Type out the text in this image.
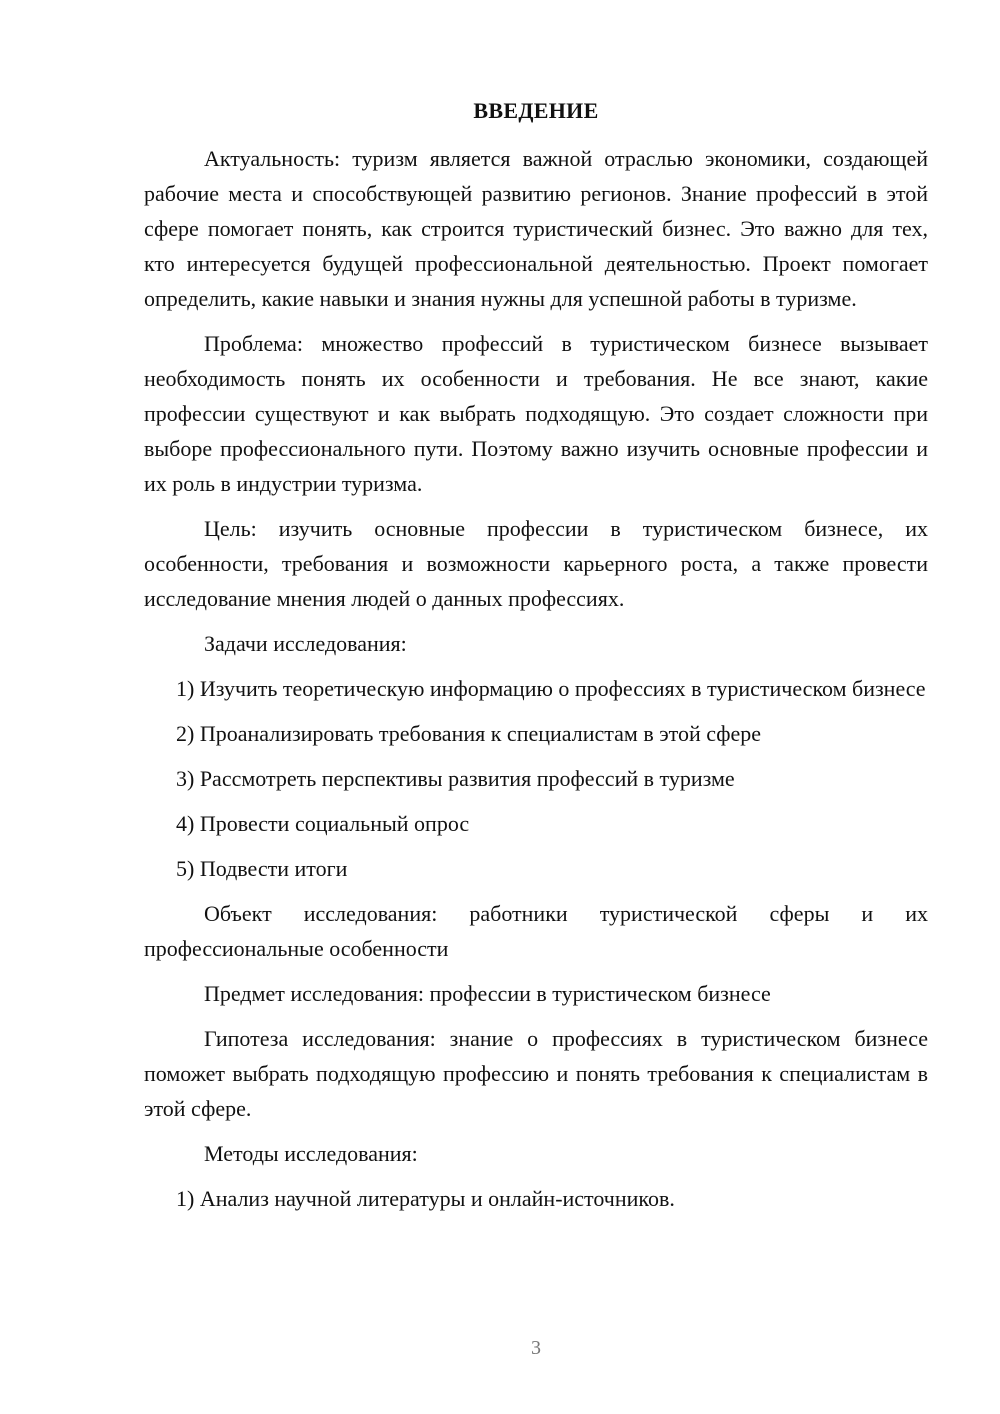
ВВЕДЕНИЕ

Актуальность: туризм является важной отраслью экономики, создающей рабочие места и способствующей развитию регионов. Знание профессий в этой сфере помогает понять, как строится туристический бизнес. Это важно для тех, кто интересуется будущей профессиональной деятельностью. Проект помогает определить, какие навыки и знания нужны для успешной работы в туризме.

Проблема: множество профессий в туристическом бизнесе вызывает необходимость понять их особенности и требования. Не все знают, какие профессии существуют и как выбрать подходящую. Это создает сложности при выборе профессионального пути. Поэтому важно изучить основные профессии и их роль в индустрии туризма.

Цель: изучить основные профессии в туристическом бизнесе, их особенности, требования и возможности карьерного роста, а также провести исследование мнения людей о данных профессиях.

Задачи исследования:

1) Изучить теоретическую информацию о профессиях в туристическом бизнесе

2) Проанализировать требования к специалистам в этой сфере

3) Рассмотреть перспективы развития профессий в туризме

4) Провести социальный опрос

5) Подвести итоги

Объект исследования: работники туристической сферы и их профессиональные особенности

Предмет исследования: профессии в туристическом бизнесе

Гипотеза исследования: знание о профессиях в туристическом бизнесе поможет выбрать подходящую профессию и понять требования к специалистам в этой сфере.

Методы исследования:

1) Анализ научной литературы и онлайн-источников.

3
